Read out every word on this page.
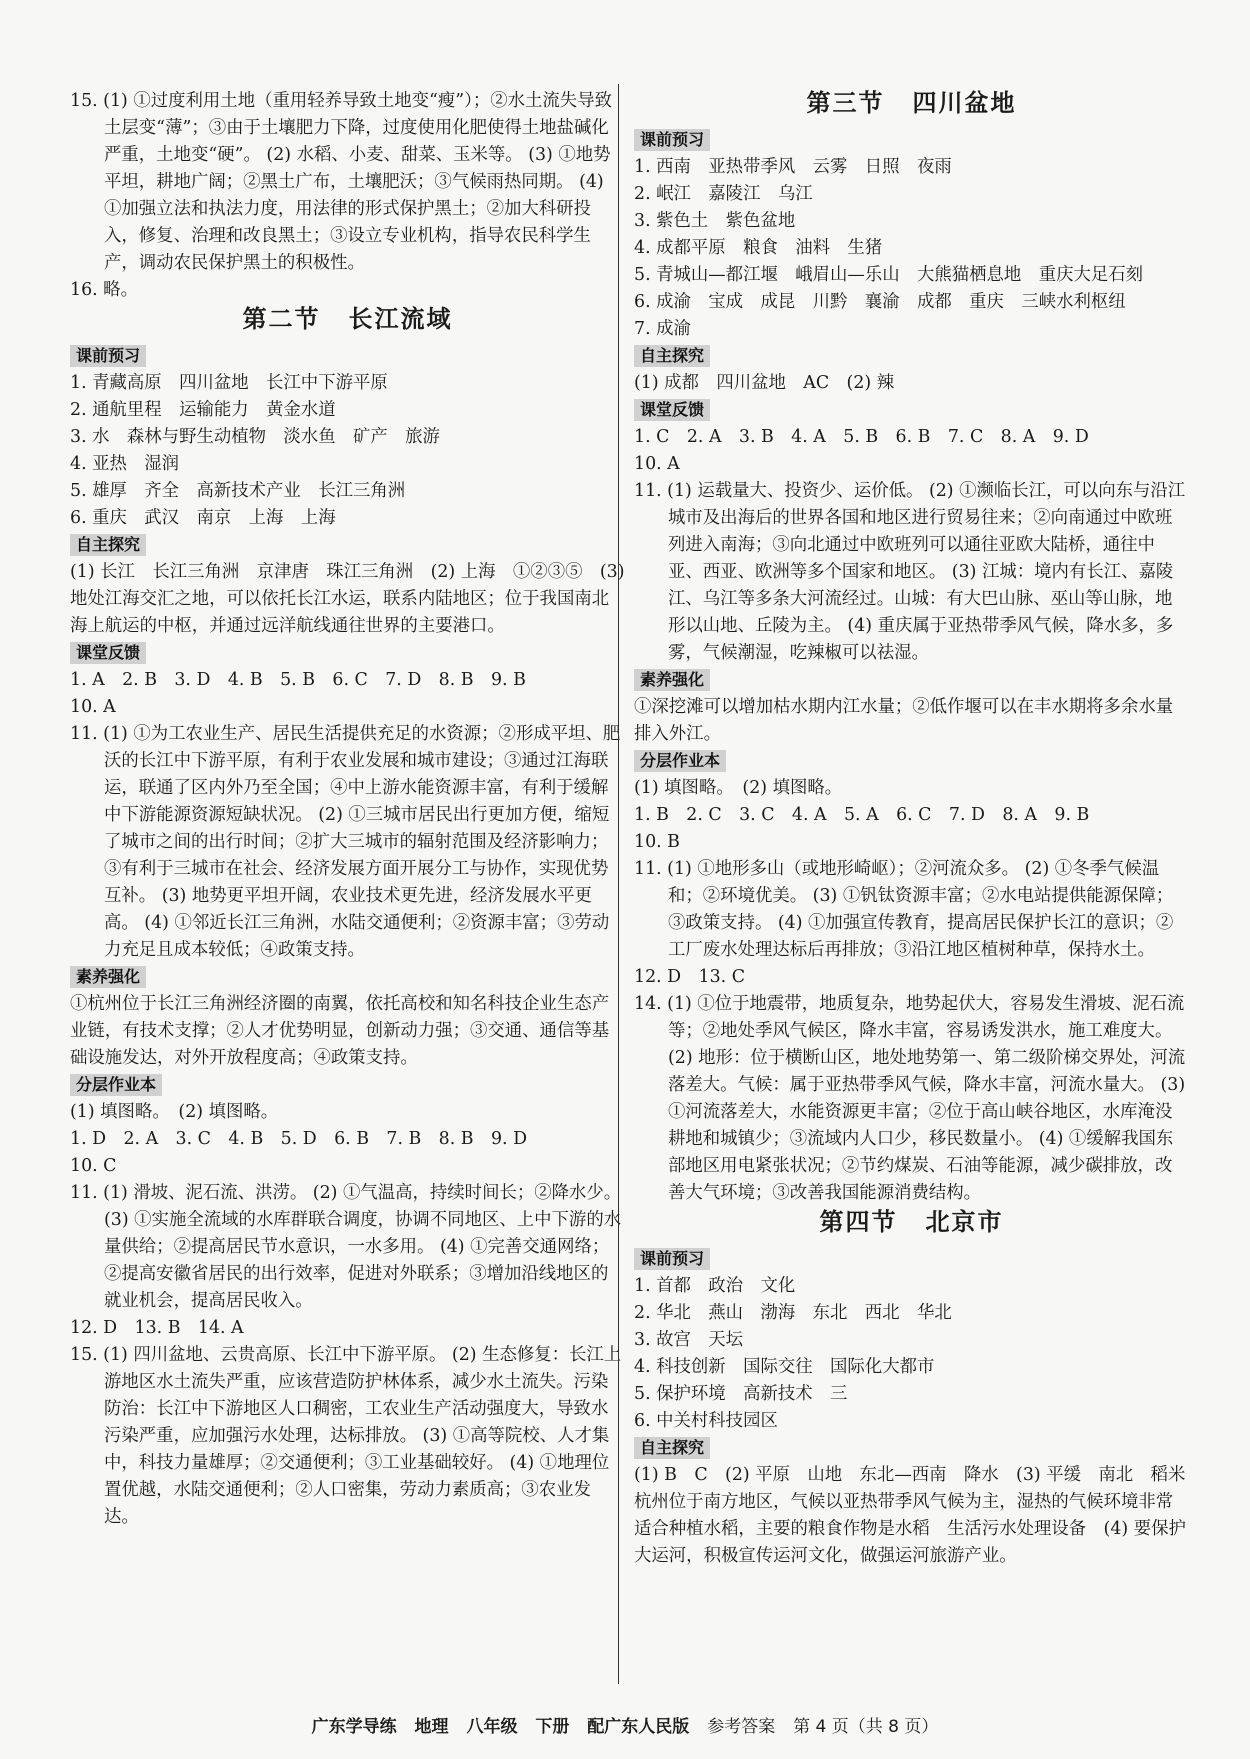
15. (1) ①过度利用土地（重用轻养导致土地变“瘦”）；②水土流失导致土层变“薄”；③由于土壤肥力下降，过度使用化肥使得土地盐碱化严重，土地变“硬”。 (2) 水稻、小麦、甜菜、玉米等。 (3) ①地势平坦，耕地广阔；②黑土广布，土壤肥沃；③气候雨热同期。 (4) ①加强立法和执法力度，用法律的形式保护黑土；②加大科研投入，修复、治理和改良黑土；③设立专业机构，指导农民科学生产，调动农民保护黑土的积极性。
16. 略。
第二节 长江流域
课前预习
1. 青藏高原　四川盆地　长江中下游平原
2. 通航里程　运输能力　黄金水道
3. 水　森林与野生动植物　淡水鱼　矿产　旅游
4. 亚热　湿润
5. 雄厚　齐全　高新技术产业　长江三角洲
6. 重庆　武汉　南京　上海　上海
自主探究
(1) 长江　长江三角洲　京津唐　珠江三角洲　(2) 上海　①②③⑤　(3) 地处江海交汇之地，可以依托长江水运，联系内陆地区；位于我国南北海上航运的中枢，并通过远洋航线通往世界的主要港口。
课堂反馈
1. A　2. B　3. D　4. B　5. B　6. C　7. D　8. B　9. B
10. A
11. (1) ①为工农业生产、居民生活提供充足的水资源；②形成平坦、肥沃的长江中下游平原，有利于农业发展和城市建设；③通过江海联运，联通了区内外乃至全国；④中上游水能资源丰富，有利于缓解中下游能源资源短缺状况。 (2) ①三城市居民出行更加方便，缩短了城市之间的出行时间；②扩大三城市的辐射范围及经济影响力；③有利于三城市在社会、经济发展方面开展分工与协作，实现优势互补。 (3) 地势更平坦开阔，农业技术更先进，经济发展水平更高。 (4) ①邻近长江三角洲，水陆交通便利；②资源丰富；③劳动力充足且成本较低；④政策支持。
素养强化
①杭州位于长江三角洲经济圈的南翼，依托高校和知名科技企业生态产业链，有技术支撑；②人才优势明显，创新动力强；③交通、通信等基础设施发达，对外开放程度高；④政策支持。
分层作业本
(1) 填图略。　(2) 填图略。
1. D　2. A　3. C　4. B　5. D　6. B　7. B　8. B　9. D
10. C
11. (1) 滑坡、泥石流、洪涝。 (2) ①气温高，持续时间长；②降水少。 (3) ①实施全流域的水库群联合调度，协调不同地区、上中下游的水量供给；②提高居民节水意识，一水多用。 (4) ①完善交通网络；②提高安徽省居民的出行效率，促进对外联系；③增加沿线地区的就业机会，提高居民收入。
12. D　13. B　14. A
15. (1) 四川盆地、云贵高原、长江中下游平原。 (2) 生态修复：长江上游地区水土流失严重，应该营造防护林体系，减少水土流失。污染防治：长江中下游地区人口稠密，工农业生产活动强度大，导致水污染严重，应加强污水处理，达标排放。 (3) ①高等院校、人才集中，科技力量雄厚；②交通便利；③工业基础较好。 (4) ①地理位置优越，水陆交通便利；②人口密集，劳动力素质高；③农业发达。
第三节 四川盆地
课前预习
1. 西南　亚热带季风　云雾　日照　夜雨
2. 岷江　嘉陵江　乌江
3. 紫色土　紫色盆地
4. 成都平原　粮食　油料　生猪
5. 青城山—都江堰　峨眉山—乐山　大熊猫栖息地　重庆大足石刻
6. 成渝　宝成　成昆　川黔　襄渝　成都　重庆　三峡水利枢纽
7. 成渝
自主探究
(1) 成都　四川盆地　AC　(2) 辣
课堂反馈
1. C　2. A　3. B　4. A　5. B　6. B　7. C　8. A　9. D
10. A
11. (1) 运载量大、投资少、运价低。 (2) ①濒临长江，可以向东与沿江城市及出海后的世界各国和地区进行贸易往来；②向南通过中欧班列进入南海；③向北通过中欧班列可以通往亚欧大陆桥，通往中亚、西亚、欧洲等多个国家和地区。 (3) 江城：境内有长江、嘉陵江、乌江等多条大河流经过。山城：有大巴山脉、巫山等山脉，地形以山地、丘陵为主。 (4) 重庆属于亚热带季风气候，降水多，多雾，气候潮湿，吃辣椒可以祛湿。
素养强化
①深挖滩可以增加枯水期内江水量；②低作堰可以在丰水期将多余水量排入外江。
分层作业本
(1) 填图略。　(2) 填图略。
1. B　2. C　3. C　4. A　5. A　6. C　7. D　8. A　9. B
10. B
11. (1) ①地形多山（或地形崎岖）；②河流众多。 (2) ①冬季气候温和；②环境优美。 (3) ①钒钛资源丰富；②水电站提供能源保障；③政策支持。 (4) ①加强宣传教育，提高居民保护长江的意识；②工厂废水处理达标后再排放；③沿江地区植树种草，保持水土。
12. D　13. C
14. (1) ①位于地震带，地质复杂，地势起伏大，容易发生滑坡、泥石流等；②地处季风气候区，降水丰富，容易诱发洪水，施工难度大。 (2) 地形：位于横断山区，地处地势第一、第二级阶梯交界处，河流落差大。气候：属于亚热带季风气候，降水丰富，河流水量大。 (3) ①河流落差大，水能资源更丰富；②位于高山峡谷地区，水库淹没耕地和城镇少；③流域内人口少，移民数量小。 (4) ①缓解我国东部地区用电紧张状况；②节约煤炭、石油等能源，减少碳排放，改善大气环境；③改善我国能源消费结构。
第四节 北京市
课前预习
1. 首都　政治　文化
2. 华北　燕山　渤海　东北　西北　华北
3. 故宫　天坛
4. 科技创新　国际交往　国际化大都市
5. 保护环境　高新技术　三
6. 中关村科技园区
自主探究
(1) B　C　(2) 平原　山地　东北—西南　降水　(3) 平缓　南北　稻米　杭州位于南方地区，气候以亚热带季风气候为主，湿热的气候环境非常适合种植水稻，主要的粮食作物是水稻　生活污水处理设备　(4) 要保护大运河，积极宣传运河文化，做强运河旅游产业。
广东学导练 地理 八年级 下册 配广东人民版 参考答案 第 4 页（共 8 页）
